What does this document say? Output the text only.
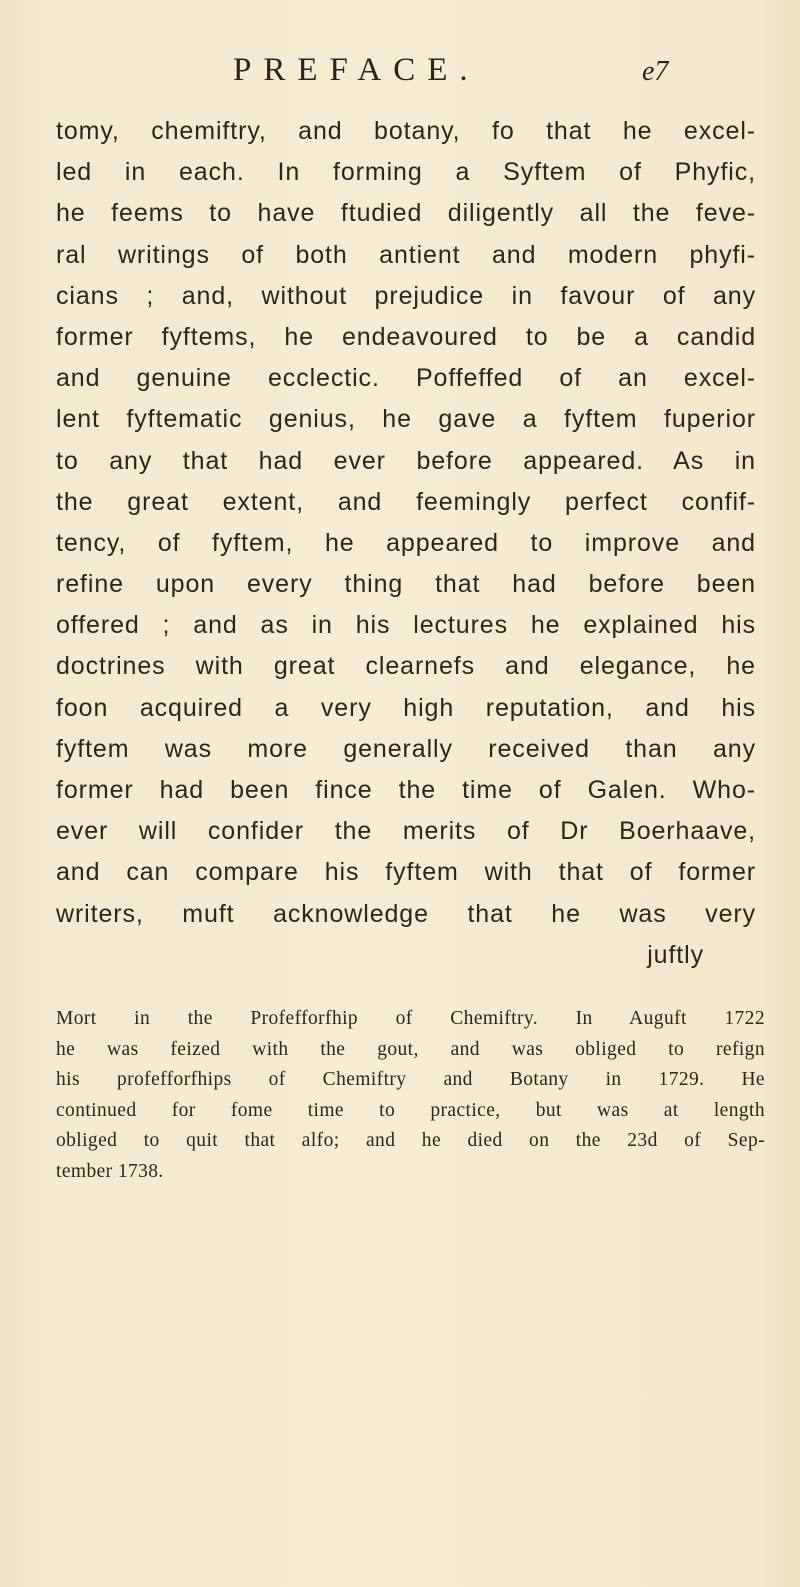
PREFACE.	e7
tomy, chemiftry, and botany, fo that he excel-
led in each. In forming a Syftem of Phyfic,
he feems to have ftudied diligently all the feve-
ral writings of both antient and modern phyfi-
cians ; and, without prejudice in favour of any
former fyftems, he endeavoured to be a candid
and genuine ecclectic. Poffeffed of an excel-
lent fyftematic genius, he gave a fyftem fuperior
to any that had ever before appeared. As in
the great extent, and feemingly perfect confif-
tency, of fyftem, he appeared to improve and
refine upon every thing that had before been
offered ; and as in his lectures he explained his
doctrines with great clearnefs and elegance, he
foon acquired a very high reputation, and his
fyftem was more generally received than any
former had been fince the time of Galen. Who-
ever will confider the merits of Dr Boerhaave,
and can compare his fyftem with that of former
writers, muft acknowledge that he was very
juftly
Mort in the Profefforfhip of Chemiftry. In Auguft 1722
he was feized with the gout, and was obliged to refign
his profefforfhips of Chemiftry and Botany in 1729. He
continued for fome time to practice, but was at length
obliged to quit that alfo; and he died on the 23d of Sep-
tember 1738.
